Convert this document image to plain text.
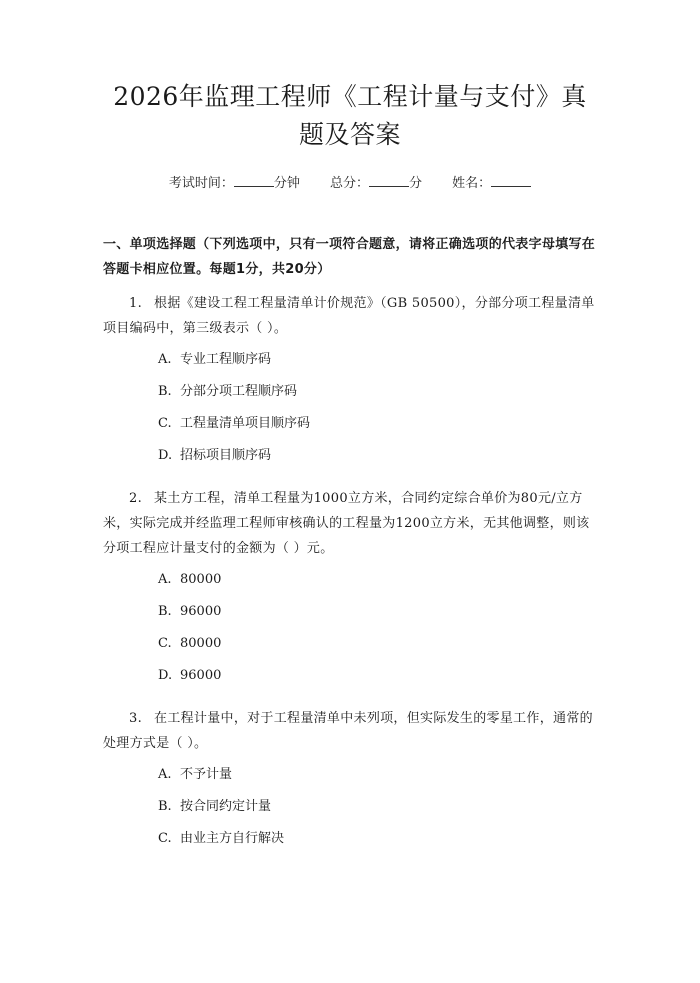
2026年监理工程师《工程计量与支付》真题及答案
考试时间：	分钟 总分：	分 姓名：
一、单项选择题（下列选项中，只有一项符合题意，请将正确选项的代表字母填写在答题卡相应位置。每题1分，共20分）
1. 根据《建设工程工程量清单计价规范》（GB 50500），分部分项工程量清单项目编码中，第三级表示（ ）。
A. 专业工程顺序码
B. 分部分项工程顺序码
C. 工程量清单项目顺序码
D. 招标项目顺序码
2. 某土方工程，清单工程量为1000立方米，合同约定综合单价为80元/立方米，实际完成并经监理工程师审核确认的工程量为1200立方米，无其他调整，则该分项工程应计量支付的金额为（ ）元。
A. 80000
B. 96000
C. 80000
D. 96000
3. 在工程计量中，对于工程量清单中未列项，但实际发生的零星工作，通常的处理方式是（ ）。
A. 不予计量
B. 按合同约定计量
C. 由业主方自行解决
